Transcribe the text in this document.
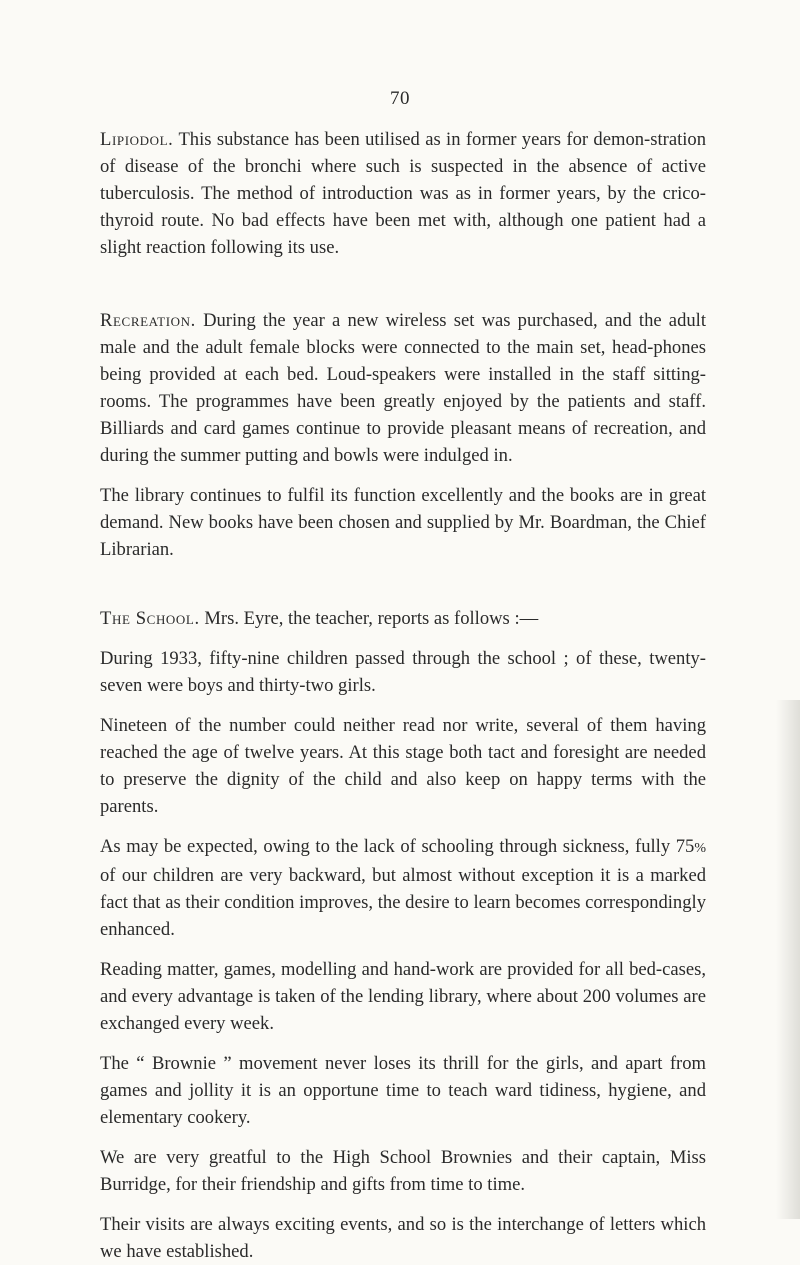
70

Lipiodol. This substance has been utilised as in former years for demon-stration of disease of the bronchi where such is suspected in the absence of active tuberculosis. The method of introduction was as in former years, by the crico-thyroid route. No bad effects have been met with, although one patient had a slight reaction following its use.

Recreation. During the year a new wireless set was purchased, and the adult male and the adult female blocks were connected to the main set, head-phones being provided at each bed. Loud-speakers were installed in the staff sitting-rooms. The programmes have been greatly enjoyed by the patients and staff. Billiards and card games continue to provide pleasant means of recreation, and during the summer putting and bowls were indulged in.

The library continues to fulfil its function excellently and the books are in great demand. New books have been chosen and supplied by Mr. Boardman, the Chief Librarian.

The School. Mrs. Eyre, the teacher, reports as follows :—

During 1933, fifty-nine children passed through the school ; of these, twenty-seven were boys and thirty-two girls.

Nineteen of the number could neither read nor write, several of them having reached the age of twelve years. At this stage both tact and foresight are needed to preserve the dignity of the child and also keep on happy terms with the parents.

As may be expected, owing to the lack of schooling through sickness, fully 75% of our children are very backward, but almost without exception it is a marked fact that as their condition improves, the desire to learn becomes correspondingly enhanced.

Reading matter, games, modelling and hand-work are provided for all bed-cases, and every advantage is taken of the lending library, where about 200 volumes are exchanged every week.

The “ Brownie ” movement never loses its thrill for the girls, and apart from games and jollity it is an opportune time to teach ward tidiness, hygiene, and elementary cookery.

We are very greatful to the High School Brownies and their captain, Miss Burridge, for their friendship and gifts from time to time.

Their visits are always exciting events, and so is the interchange of letters which we have established.
